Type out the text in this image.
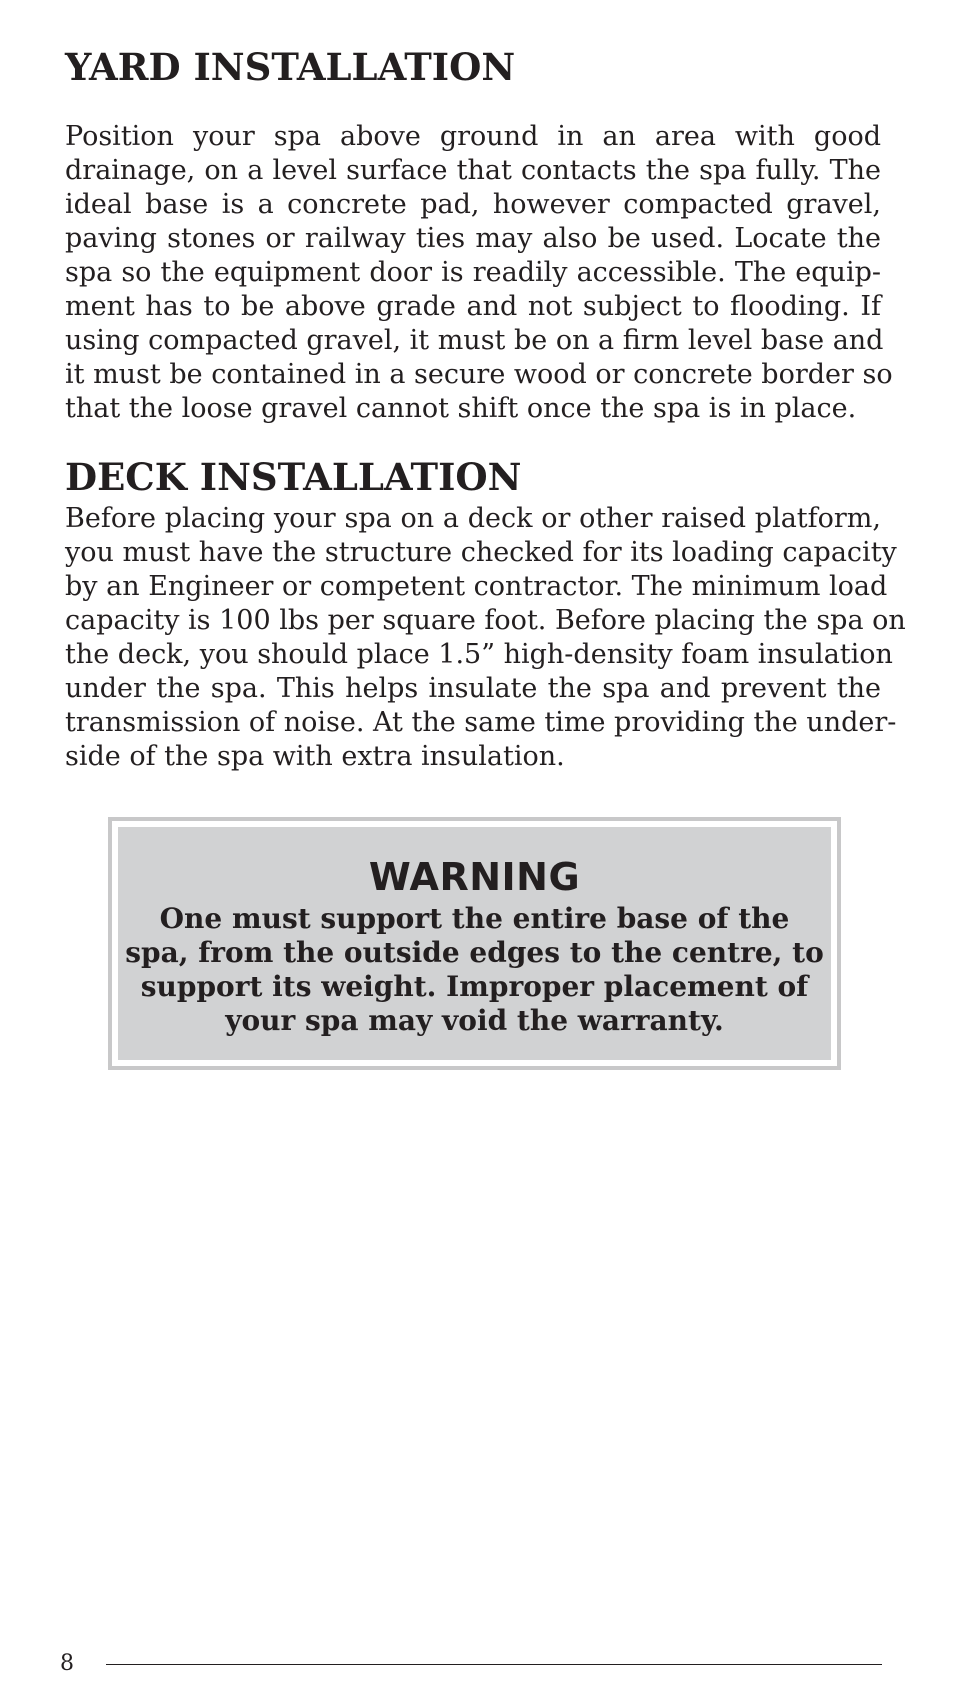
YARD INSTALLATION

Position your spa above ground in an area with good
drainage, on a level surface that contacts the spa fully. The
ideal base is a concrete pad, however compacted gravel,
paving stones or railway ties may also be used. Locate the
spa so the equipment door is readily accessible. The equip-
ment has to be above grade and not subject to flooding. If
using compacted gravel, it must be on a firm level base and
it must be contained in a secure wood or concrete border so
that the loose gravel cannot shift once the spa is in place.

DECK INSTALLATION

Before placing your spa on a deck or other raised platform,
you must have the structure checked for its loading capacity
by an Engineer or competent contractor. The minimum load
capacity is 100 lbs per square foot. Before placing the spa on
the deck, you should place 1.5” high-density foam insulation
under the spa. This helps insulate the spa and prevent the
transmission of noise. At the same time providing the under-
side of the spa with extra insulation.

WARNING
One must support the entire base of the
spa, from the outside edges to the centre, to
support its weight. Improper placement of
your spa may void the warranty.
8
